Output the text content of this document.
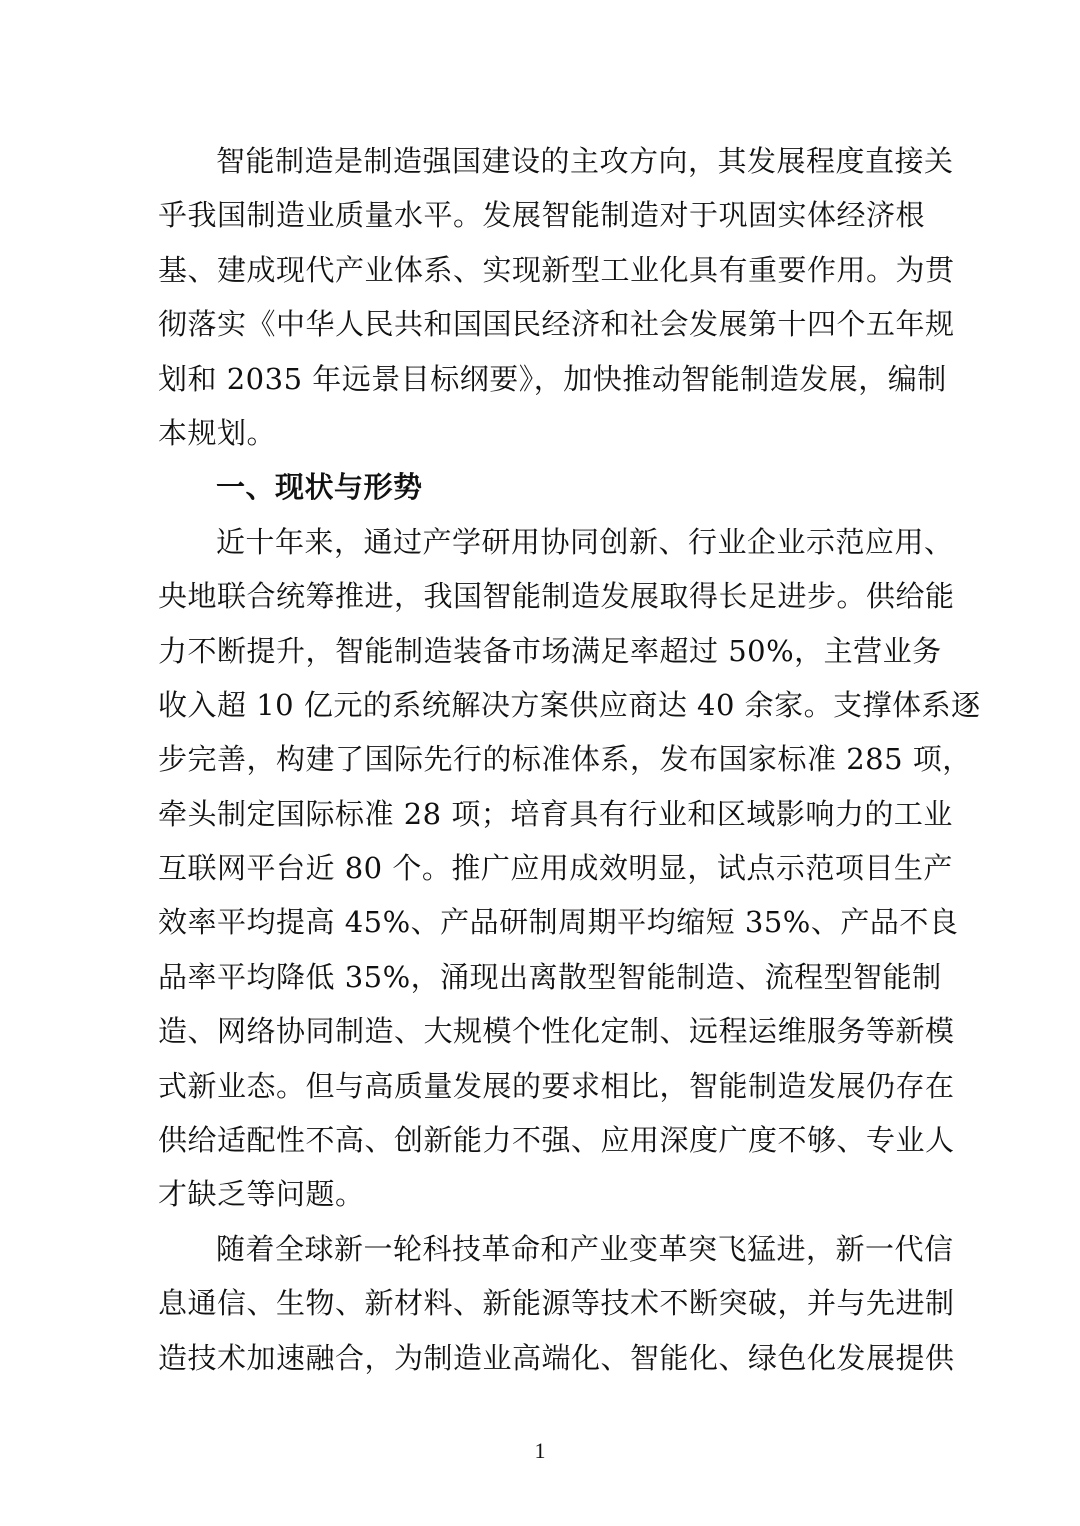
智能制造是制造强国建设的主攻方向，其发展程度直接关
乎我国制造业质量水平。发展智能制造对于巩固实体经济根
基、建成现代产业体系、实现新型工业化具有重要作用。为贯
彻落实《中华人民共和国国民经济和社会发展第十四个五年规
划和 2035 年远景目标纲要》，加快推动智能制造发展，编制
本规划。
一、现状与形势
近十年来，通过产学研用协同创新、行业企业示范应用、
央地联合统筹推进，我国智能制造发展取得长足进步。供给能
力不断提升，智能制造装备市场满足率超过 50%，主营业务
收入超 10 亿元的系统解决方案供应商达 40 余家。支撑体系逐
步完善，构建了国际先行的标准体系，发布国家标准 285 项，
牵头制定国际标准 28 项；培育具有行业和区域影响力的工业
互联网平台近 80 个。推广应用成效明显，试点示范项目生产
效率平均提高 45%、产品研制周期平均缩短 35%、产品不良
品率平均降低 35%，涌现出离散型智能制造、流程型智能制
造、网络协同制造、大规模个性化定制、远程运维服务等新模
式新业态。但与高质量发展的要求相比，智能制造发展仍存在
供给适配性不高、创新能力不强、应用深度广度不够、专业人
才缺乏等问题。
随着全球新一轮科技革命和产业变革突飞猛进，新一代信
息通信、生物、新材料、新能源等技术不断突破，并与先进制
造技术加速融合，为制造业高端化、智能化、绿色化发展提供
1
